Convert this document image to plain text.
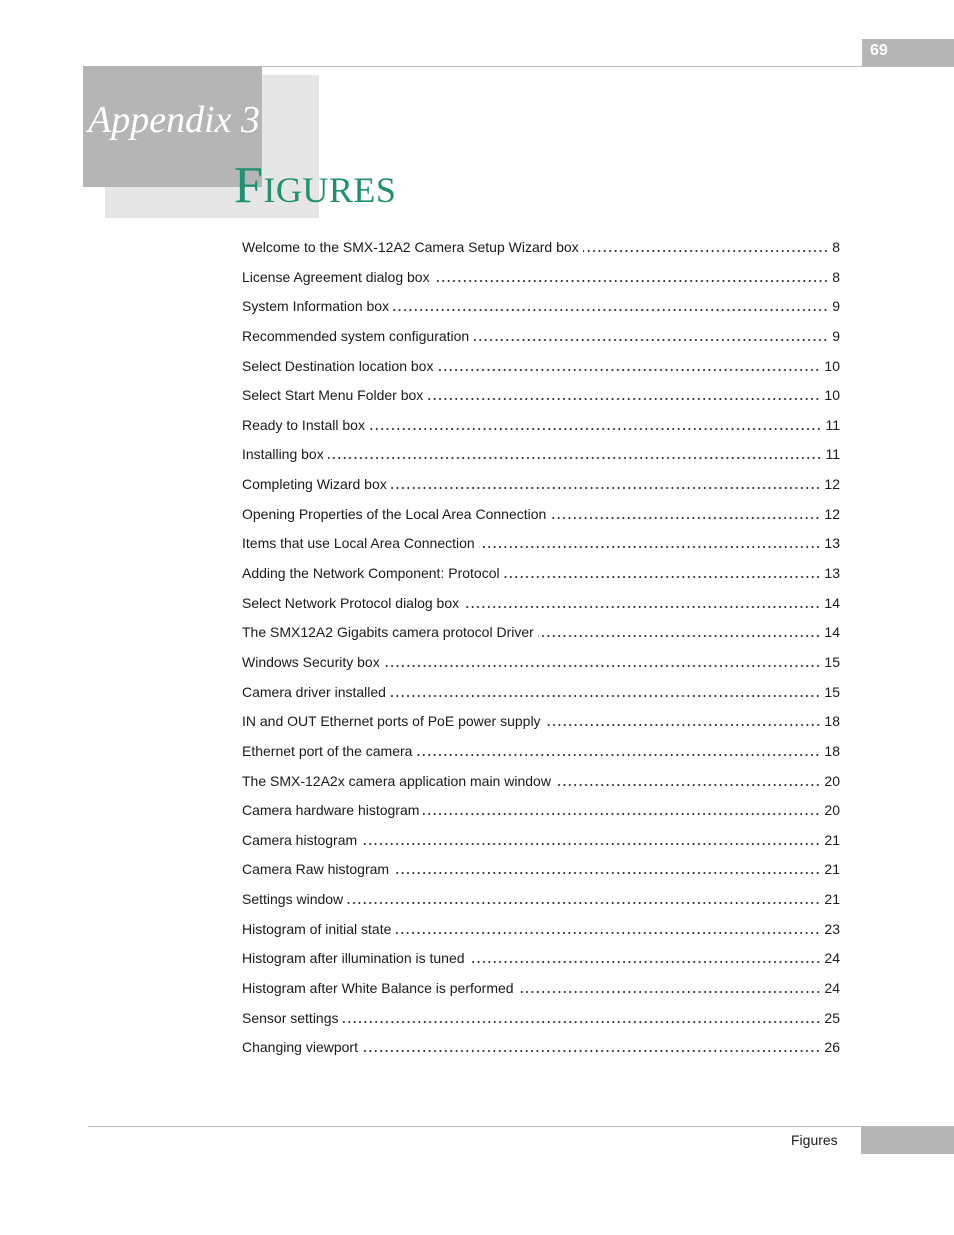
69
Appendix 3
Figures
Welcome to the SMX-12A2 Camera Setup Wizard box	8
License Agreement dialog box	8
System Information box	9
Recommended system configuration	9
Select Destination location box	10
Select Start Menu Folder box	10
Ready to Install box	11
Installing box	11
Completing Wizard box	12
Opening Properties of the Local Area Connection	12
Items that use Local Area Connection	13
Adding the Network Component: Protocol	13
Select Network Protocol dialog box	14
The SMX12A2 Gigabits camera protocol Driver	14
Windows Security box	15
Camera driver installed	15
IN and OUT Ethernet ports of PoE power supply	18
Ethernet port of the camera	18
The SMX-12A2x camera application main window	20
Camera hardware histogram	20
Camera histogram	21
Camera Raw histogram	21
Settings window	21
Histogram of initial state	23
Histogram after illumination is tuned	24
Histogram after White Balance is performed	24
Sensor settings	25
Changing viewport	26
Figures
